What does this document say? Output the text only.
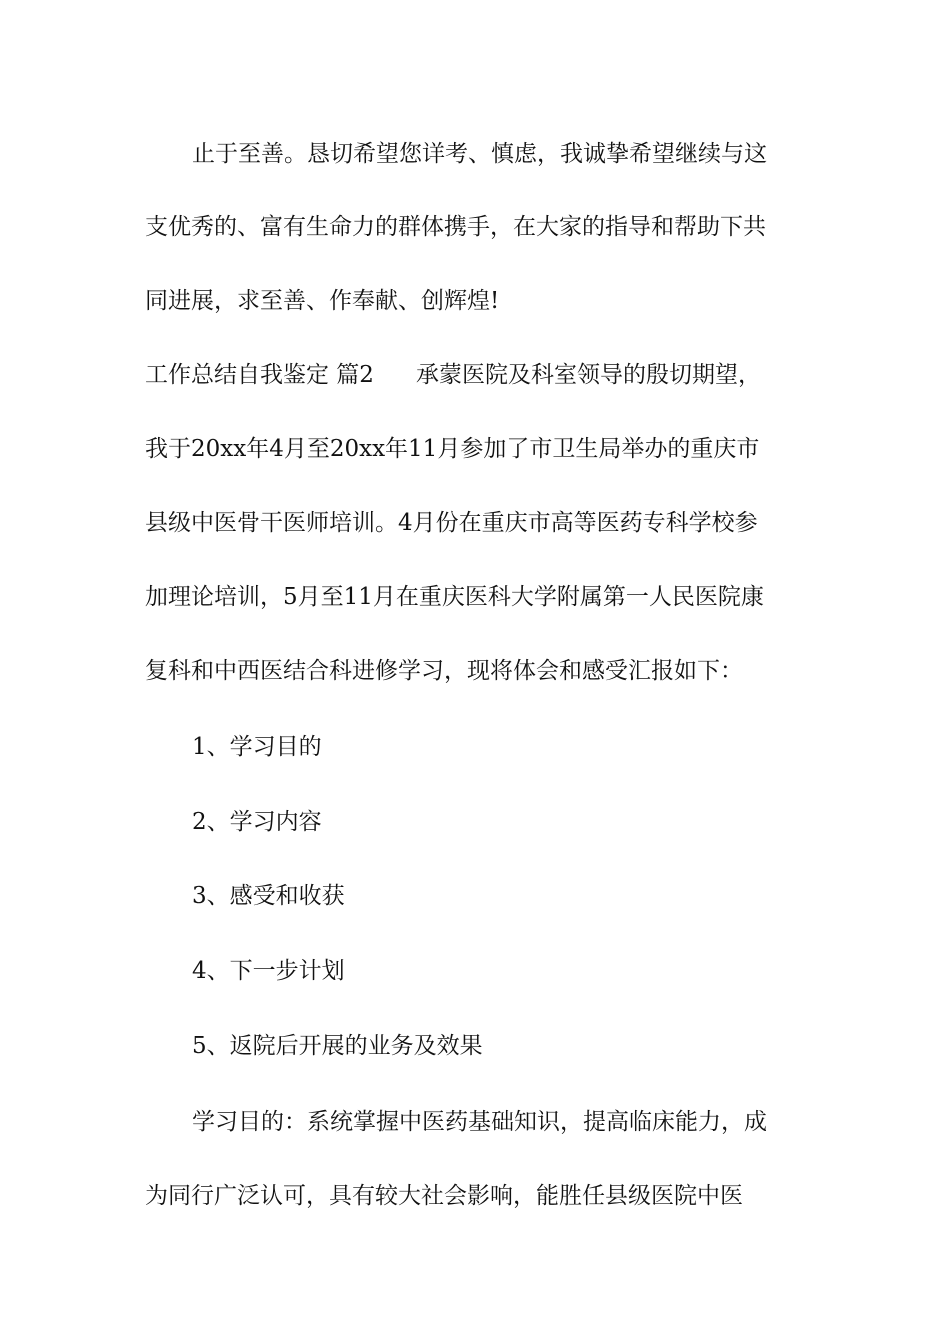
止于至善。恳切希望您详考、慎虑，我诚挚希望继续与这

支优秀的、富有生命力的群体携手，在大家的指导和帮助下共

同进展，求至善、作奉献、创辉煌!

工作总结自我鉴定 篇2 承蒙医院及科室领导的殷切期望，

我于20xx年4月至20xx年11月参加了市卫生局举办的重庆市

县级中医骨干医师培训。4月份在重庆市高等医药专科学校参

加理论培训，5月至11月在重庆医科大学附属第一人民医院康

复科和中西医结合科进修学习，现将体会和感受汇报如下：

1、学习目的

2、学习内容

3、感受和收获

4、下一步计划

5、返院后开展的业务及效果

学习目的：系统掌握中医药基础知识，提高临床能力，成

为同行广泛认可，具有较大社会影响，能胜任县级医院中医
